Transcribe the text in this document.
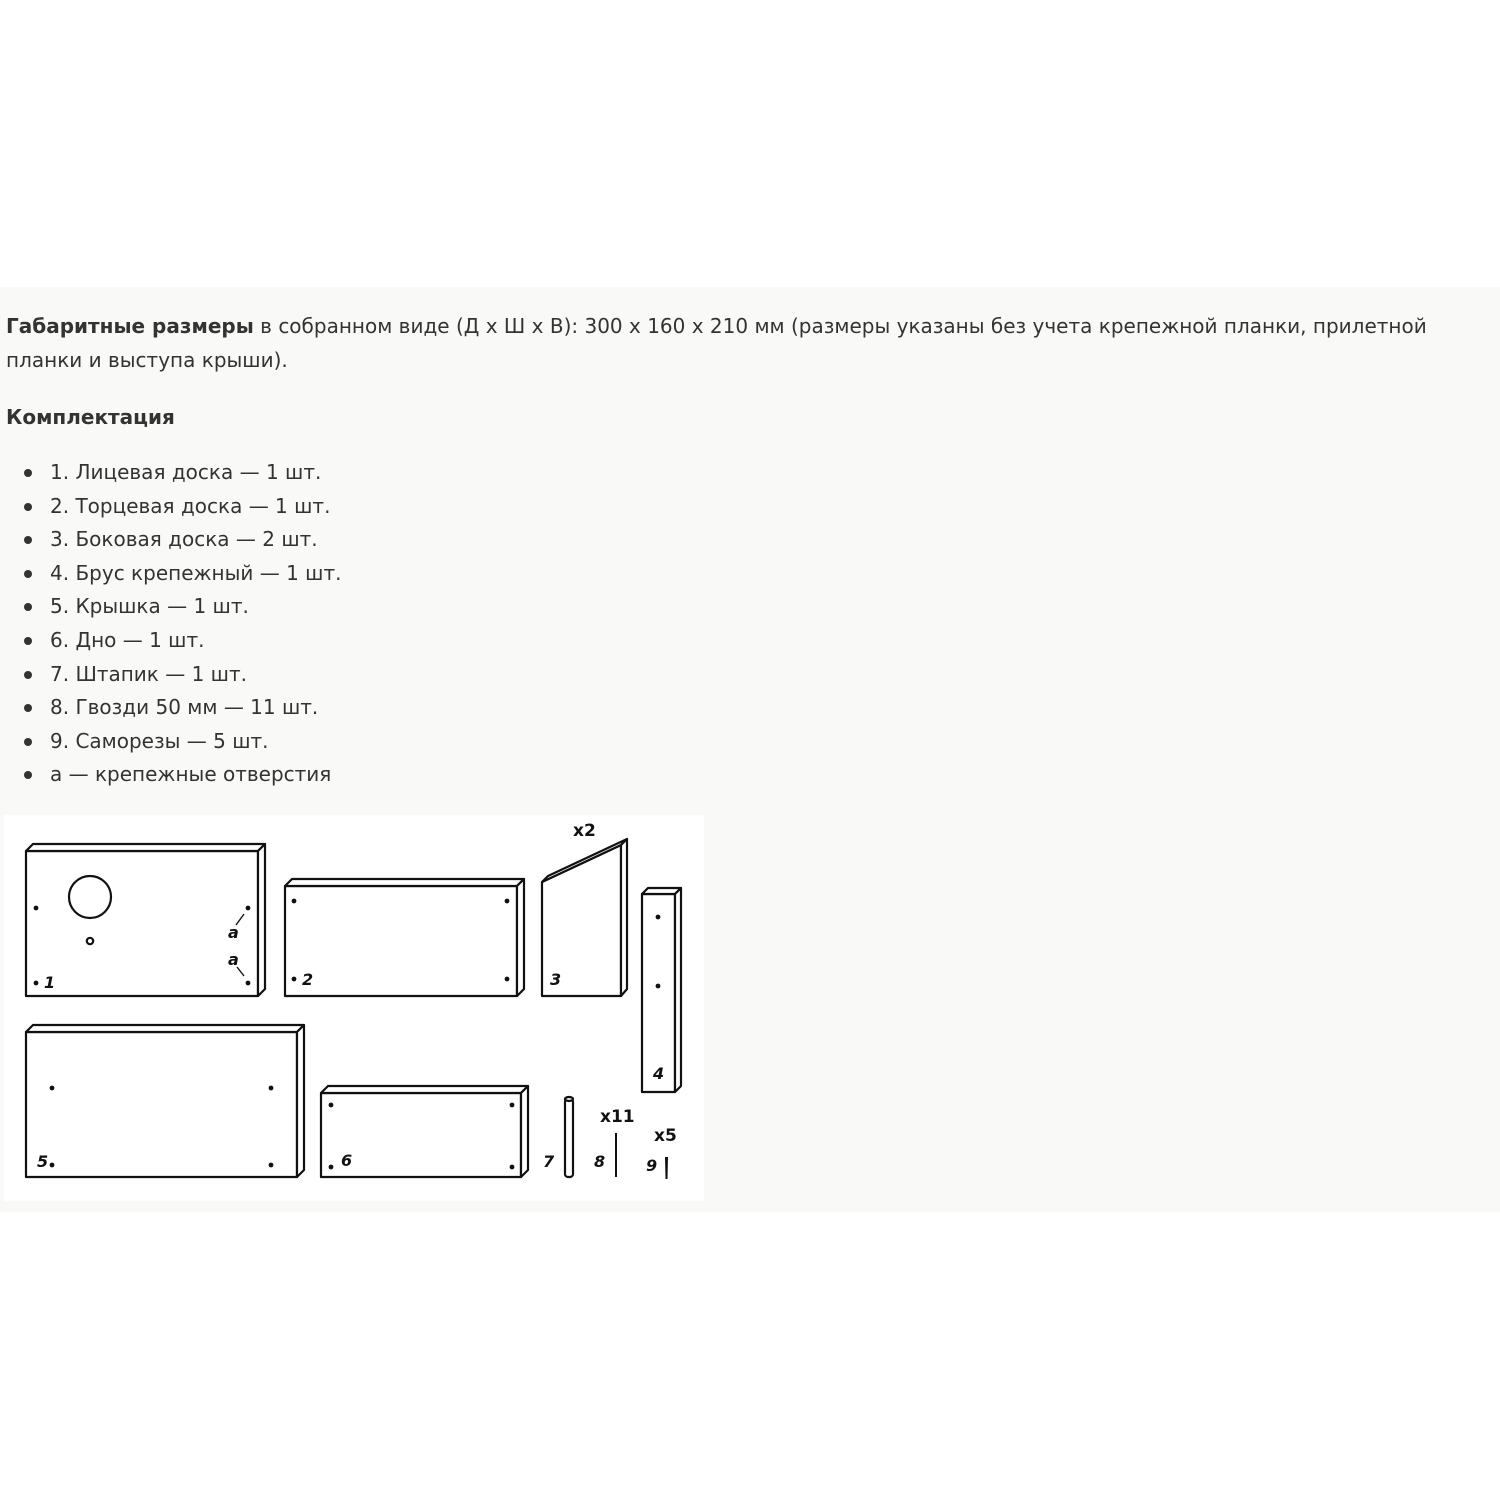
Габаритные размеры в собранном виде (Д х Ш х В): 300 х 160 х 210 мм (размеры указаны без учета крепежной планки, прилетной планки и выступа крыши).

Комплектация
1. Лицевая доска — 1 шт.
2. Торцевая доска — 1 шт.
3. Боковая доска — 2 шт.
4. Брус крепежный — 1 шт.
5. Крышка — 1 шт.
6. Дно — 1 шт.
7. Штапик — 1 шт.
8. Гвозди 50 мм — 11 шт.
9. Саморезы — 5 шт.
а — крепежные отверстия
1
a
a
2	3
x2
4
5	6	7 8
x11
9
x5
